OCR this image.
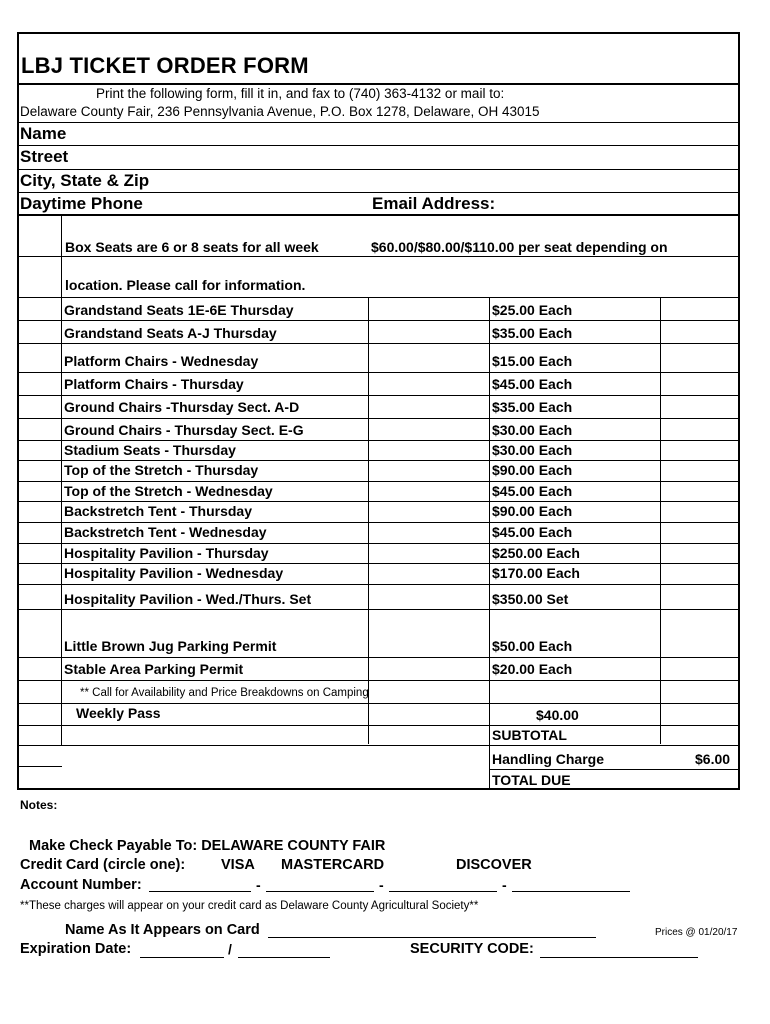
LBJ TICKET ORDER FORM
Print the following form, fill it in, and fax to (740) 363-4132 or mail to:
Delaware County Fair, 236 Pennsylvania Avenue, P.O. Box 1278, Delaware, OH 43015
Name
Street
City, State & Zip
Daytime Phone	Email Address:
Box Seats are 6 or 8 seats for all week	$60.00/$80.00/$110.00 per seat depending on
location. Please call for information.
Grandstand Seats 1E-6E Thursday	$25.00 Each
Grandstand Seats A-J Thursday	$35.00 Each
Platform Chairs - Wednesday	$15.00 Each
Platform Chairs - Thursday	$45.00 Each
Ground Chairs -Thursday Sect. A-D	$35.00 Each
Ground Chairs - Thursday Sect. E-G	$30.00 Each
Stadium Seats - Thursday	$30.00 Each
Top of the Stretch - Thursday	$90.00 Each
Top of the Stretch - Wednesday	$45.00 Each
Backstretch Tent - Thursday	$90.00 Each
Backstretch Tent - Wednesday	$45.00 Each
Hospitality Pavilion - Thursday	$250.00 Each
Hospitality Pavilion - Wednesday	$170.00 Each
Hospitality Pavilion - Wed./Thurs. Set	$350.00 Set
Little Brown Jug Parking Permit	$50.00 Each
Stable Area Parking Permit	$20.00 Each
** Call for Availability and Price Breakdowns on Camping
Weekly Pass	$40.00
SUBTOTAL
Handling Charge	$6.00
TOTAL DUE
Notes:
Make Check Payable To: DELAWARE COUNTY FAIR
Credit Card (circle one): VISA MASTERCARD	DISCOVER
Account Number:	-	-	-
**These charges will appear on your credit card as Delaware County Agricultural Society**
Name As It Appears on Card	Prices @ 01/20/17
Expiration Date:	/	SECURITY CODE:
